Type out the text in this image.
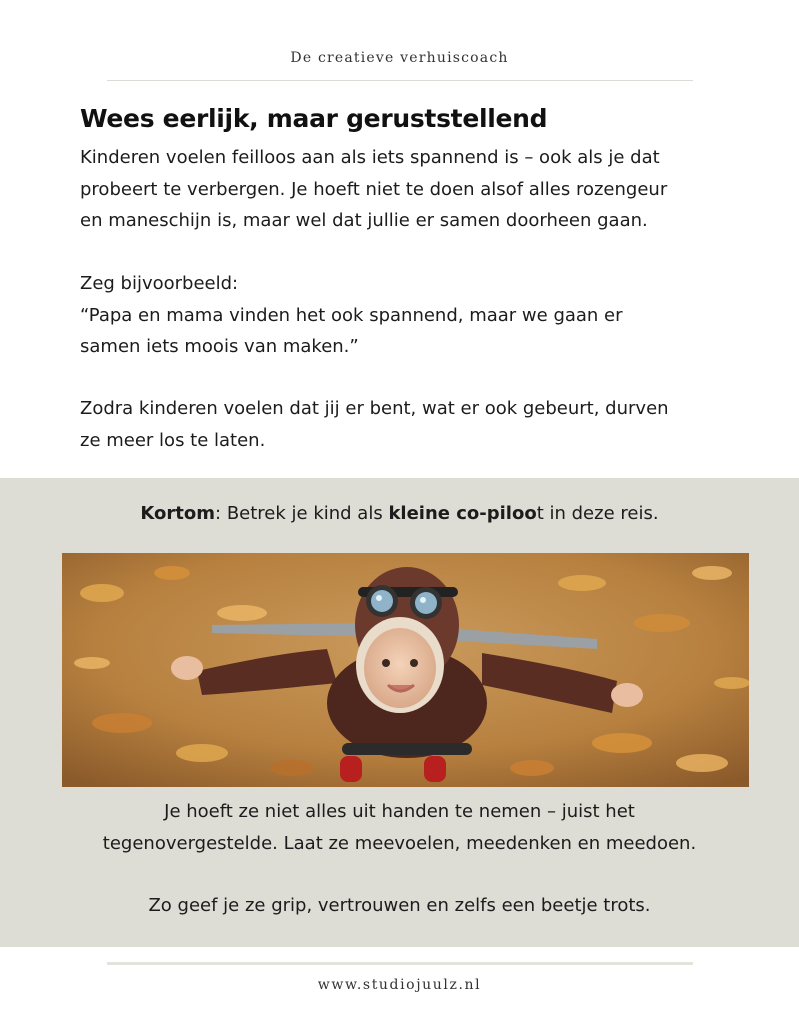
De creatieve verhuiscoach
Wees eerlijk, maar geruststellend

Kinderen voelen feilloos aan als iets spannend is – ook als je dat
probeert te verbergen. Je hoeft niet te doen alsof alles rozengeur
en maneschijn is, maar wel dat jullie er samen doorheen gaan.

Zeg bijvoorbeeld:
“Papa en mama vinden het ook spannend, maar we gaan er
samen iets moois van maken.”

Zodra kinderen voelen dat jij er bent, wat er ook gebeurt, durven
ze meer los te laten.

Kortom: Betrek je kind als kleine co-piloot in deze reis.
Je hoeft ze niet alles uit handen te nemen – juist het
tegenovergestelde. Laat ze meevoelen, meedenken en meedoen.
Zo geef je ze grip, vertrouwen en zelfs een beetje trots.
www.studiojuulz.nl
